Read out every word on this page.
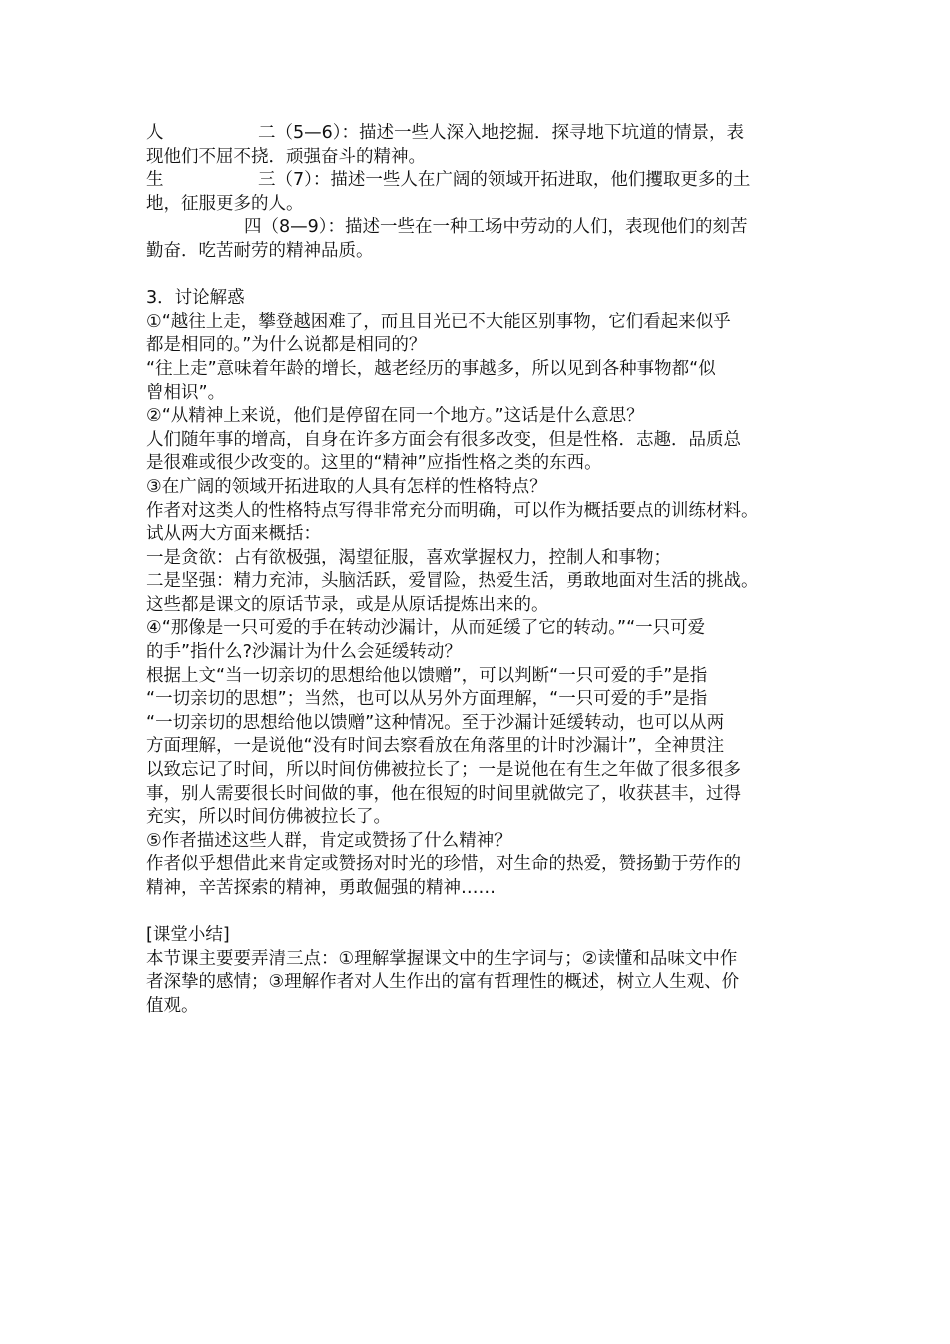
人	二（5—6）：描述一些人深入地挖掘．探寻地下坑道的情景，表

现他们不屈不挠．顽强奋斗的精神。

生	三（7）：描述一些人在广阔的领域开拓进取，他们攫取更多的土

地，征服更多的人。

四（8—9）：描述一些在一种工场中劳动的人们，表现他们的刻苦

勤奋．吃苦耐劳的精神品质。

3．讨论解惑

①“越往上走，攀登越困难了，而且目光已不大能区别事物，它们看起来似乎

都是相同的。”为什么说都是相同的？

“往上走”意味着年龄的增长，越老经历的事越多，所以见到各种事物都“似

曾相识”。

②“从精神上来说，他们是停留在同一个地方。”这话是什么意思？

人们随年事的增高，自身在许多方面会有很多改变，但是性格．志趣．品质总

是很难或很少改变的。这里的“精神”应指性格之类的东西。

③在广阔的领域开拓进取的人具有怎样的性格特点？

作者对这类人的性格特点写得非常充分而明确，可以作为概括要点的训练材料。

试从两大方面来概括：

一是贪欲：占有欲极强，渴望征服，喜欢掌握权力，控制人和事物；

二是坚强：精力充沛，头脑活跃，爱冒险，热爱生活，勇敢地面对生活的挑战。

这些都是课文的原话节录，或是从原话提炼出来的。

④“那像是一只可爱的手在转动沙漏计，从而延缓了它的转动。”“一只可爱

的手”指什么?沙漏计为什么会延缓转动？

根据上文“当一切亲切的思想给他以馈赠”，可以判断“一只可爱的手”是指

“一切亲切的思想”；当然，也可以从另外方面理解，“一只可爱的手”是指

“一切亲切的思想给他以馈赠”这种情况。至于沙漏计延缓转动，也可以从两

方面理解，一是说他“没有时间去察看放在角落里的计时沙漏计”，全神贯注

以致忘记了时间，所以时间仿佛被拉长了；一是说他在有生之年做了很多很多

事，别人需要很长时间做的事，他在很短的时间里就做完了，收获甚丰，过得

充实，所以时间仿佛被拉长了。

⑤作者描述这些人群，肯定或赞扬了什么精神？

作者似乎想借此来肯定或赞扬对时光的珍惜，对生命的热爱，赞扬勤于劳作的

精神，辛苦探索的精神，勇敢倔强的精神……

[课堂小结]

本节课主要要弄清三点：①理解掌握课文中的生字词与；②读懂和品味文中作

者深挚的感情；③理解作者对人生作出的富有哲理性的概述，树立人生观、价

值观。
